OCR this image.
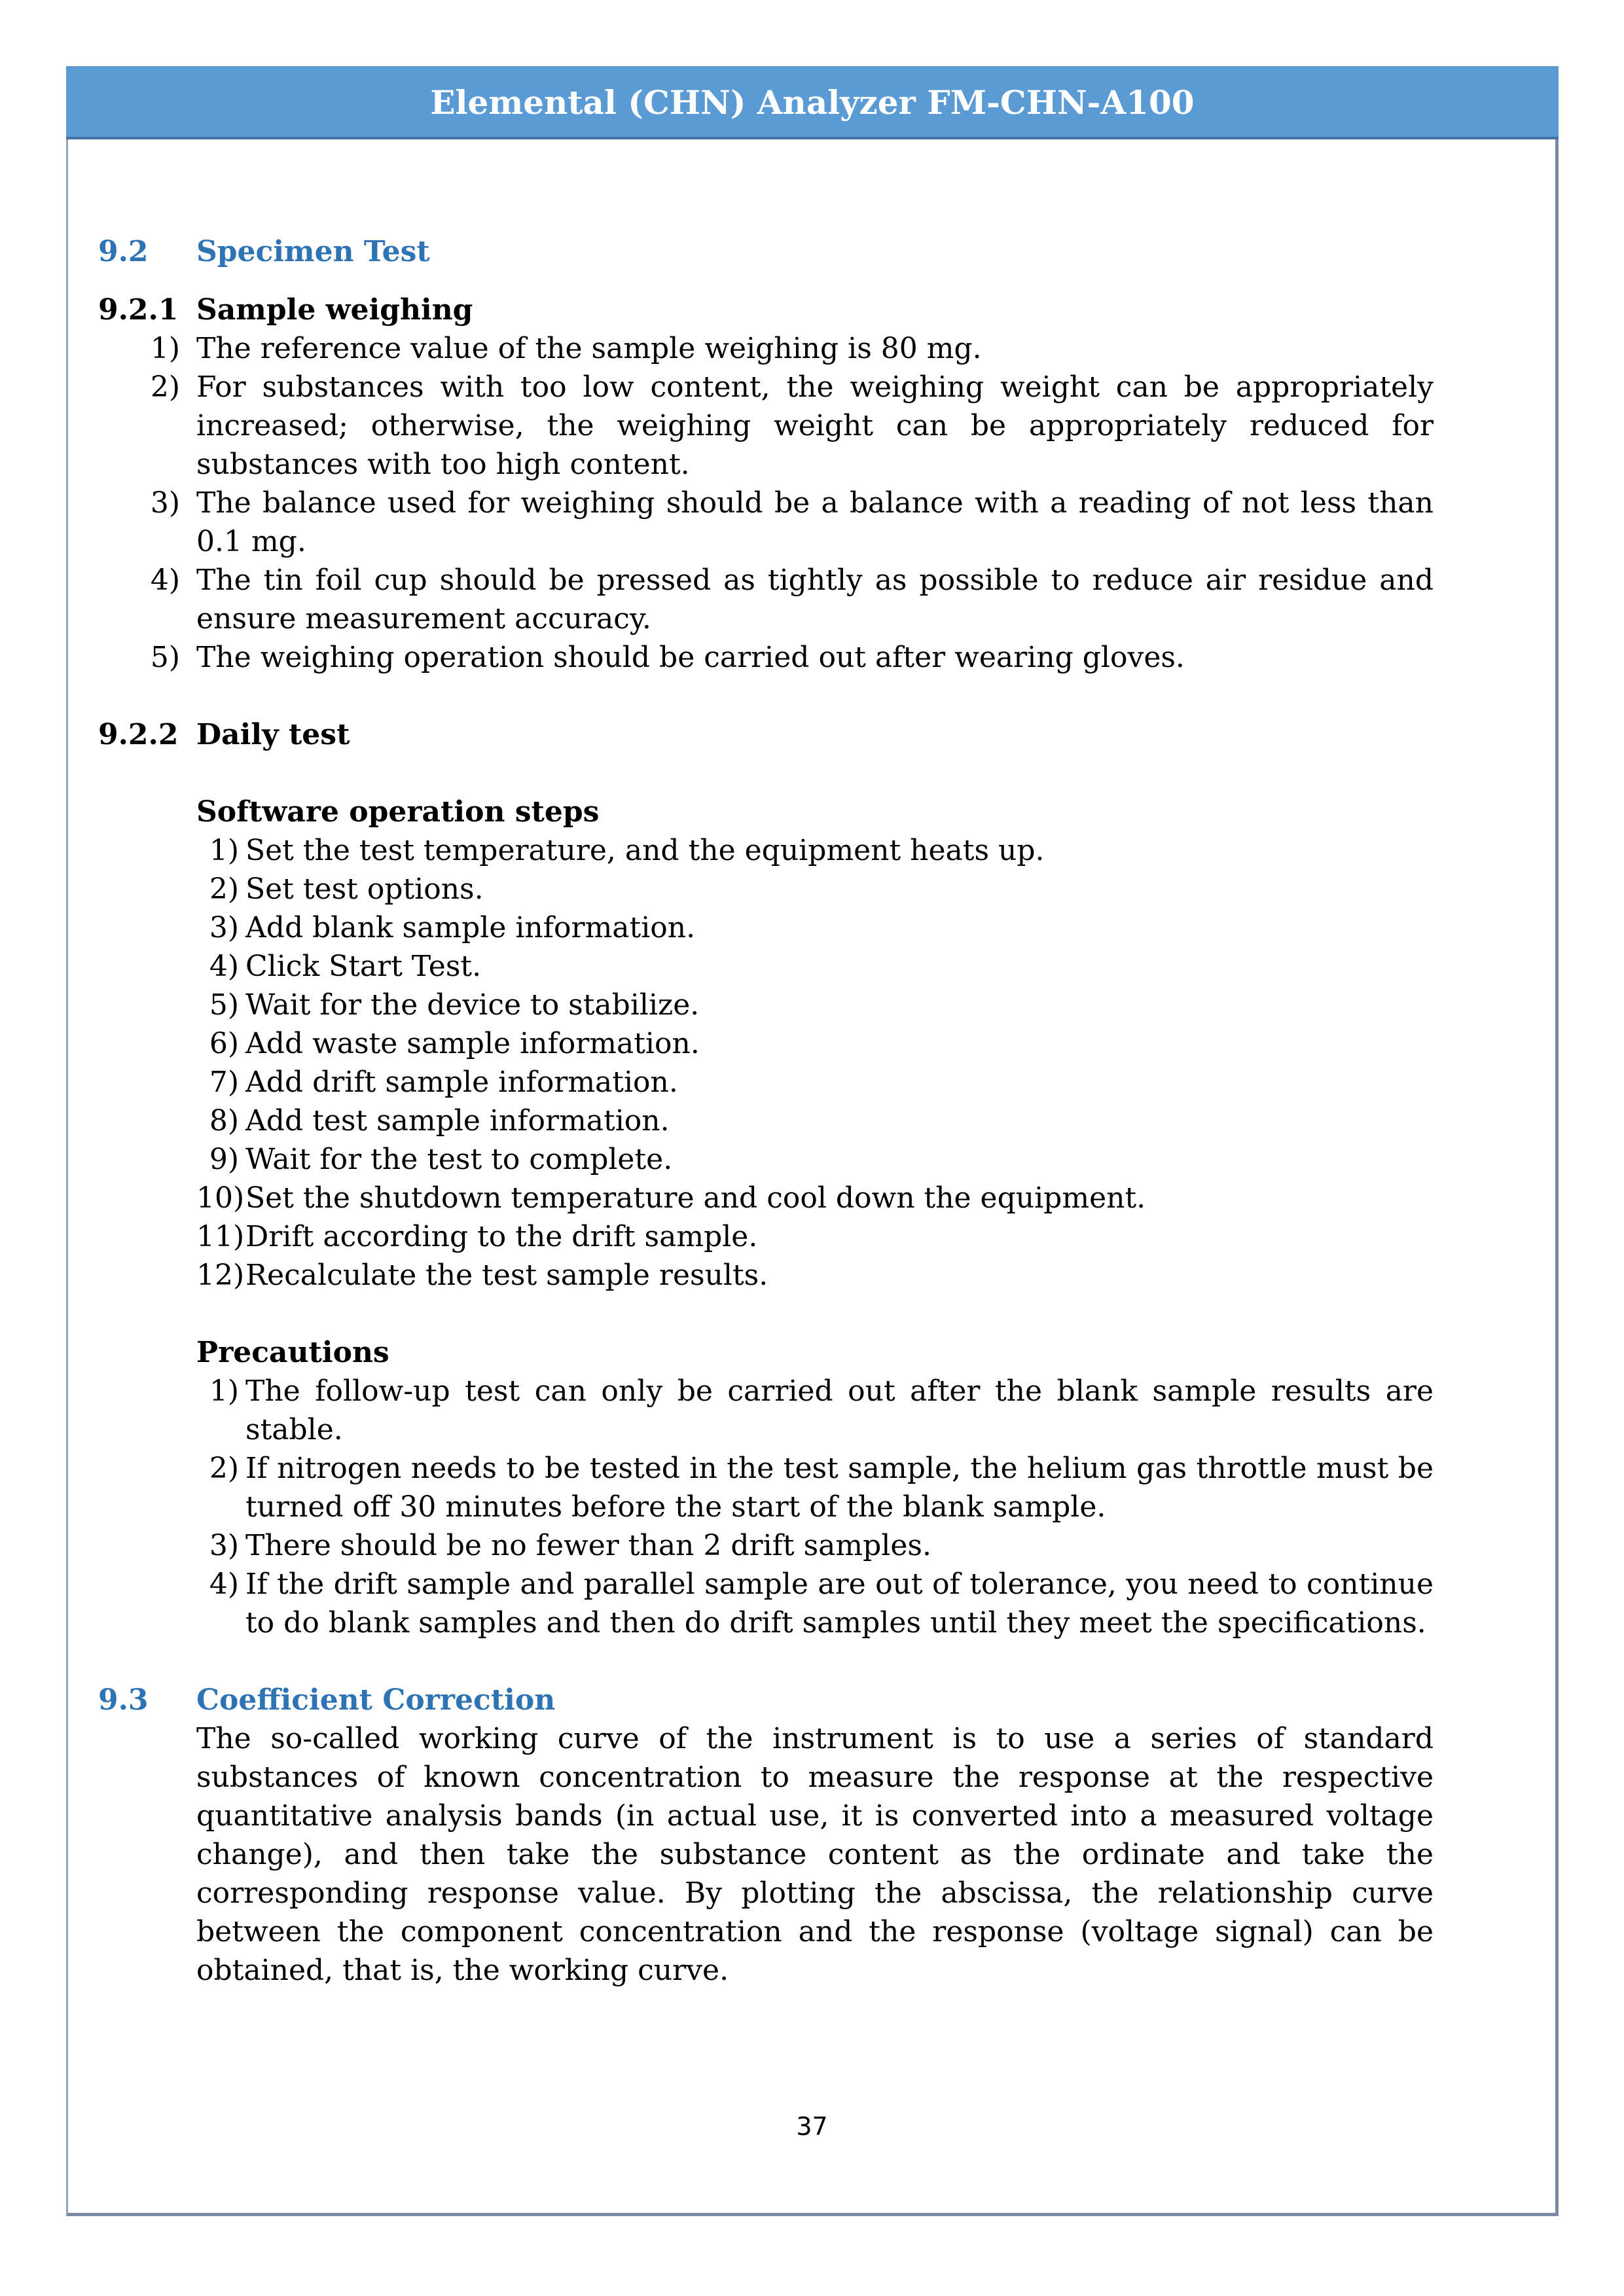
Elemental (CHN) Analyzer FM-CHN-A100
9.2 Specimen Test
9.2.1 Sample weighing
1) The reference value of the sample weighing is 80 mg.
2) For substances with too low content, the weighing weight can be appropriately increased; otherwise, the weighing weight can be appropriately reduced for substances with too high content.
3) The balance used for weighing should be a balance with a reading of not less than 0.1 mg.
4) The tin foil cup should be pressed as tightly as possible to reduce air residue and ensure measurement accuracy.
5) The weighing operation should be carried out after wearing gloves.
9.2.2 Daily test
Software operation steps
1) Set the test temperature, and the equipment heats up.
2) Set test options.
3) Add blank sample information.
4) Click Start Test.
5) Wait for the device to stabilize.
6) Add waste sample information.
7) Add drift sample information.
8) Add test sample information.
9) Wait for the test to complete.
10) Set the shutdown temperature and cool down the equipment.
11) Drift according to the drift sample.
12) Recalculate the test sample results.
Precautions
1) The follow-up test can only be carried out after the blank sample results are stable.
2) If nitrogen needs to be tested in the test sample, the helium gas throttle must be turned off 30 minutes before the start of the blank sample.
3) There should be no fewer than 2 drift samples.
4) If the drift sample and parallel sample are out of tolerance, you need to continue to do blank samples and then do drift samples until they meet the specifications.
9.3 Coefficient Correction

The so-called working curve of the instrument is to use a series of standard substances of known concentration to measure the response at the respective quantitative analysis bands (in actual use, it is converted into a measured voltage change), and then take the substance content as the ordinate and take the corresponding response value. By plotting the abscissa, the relationship curve between the component concentration and the response (voltage signal) can be obtained, that is, the working curve.

37
